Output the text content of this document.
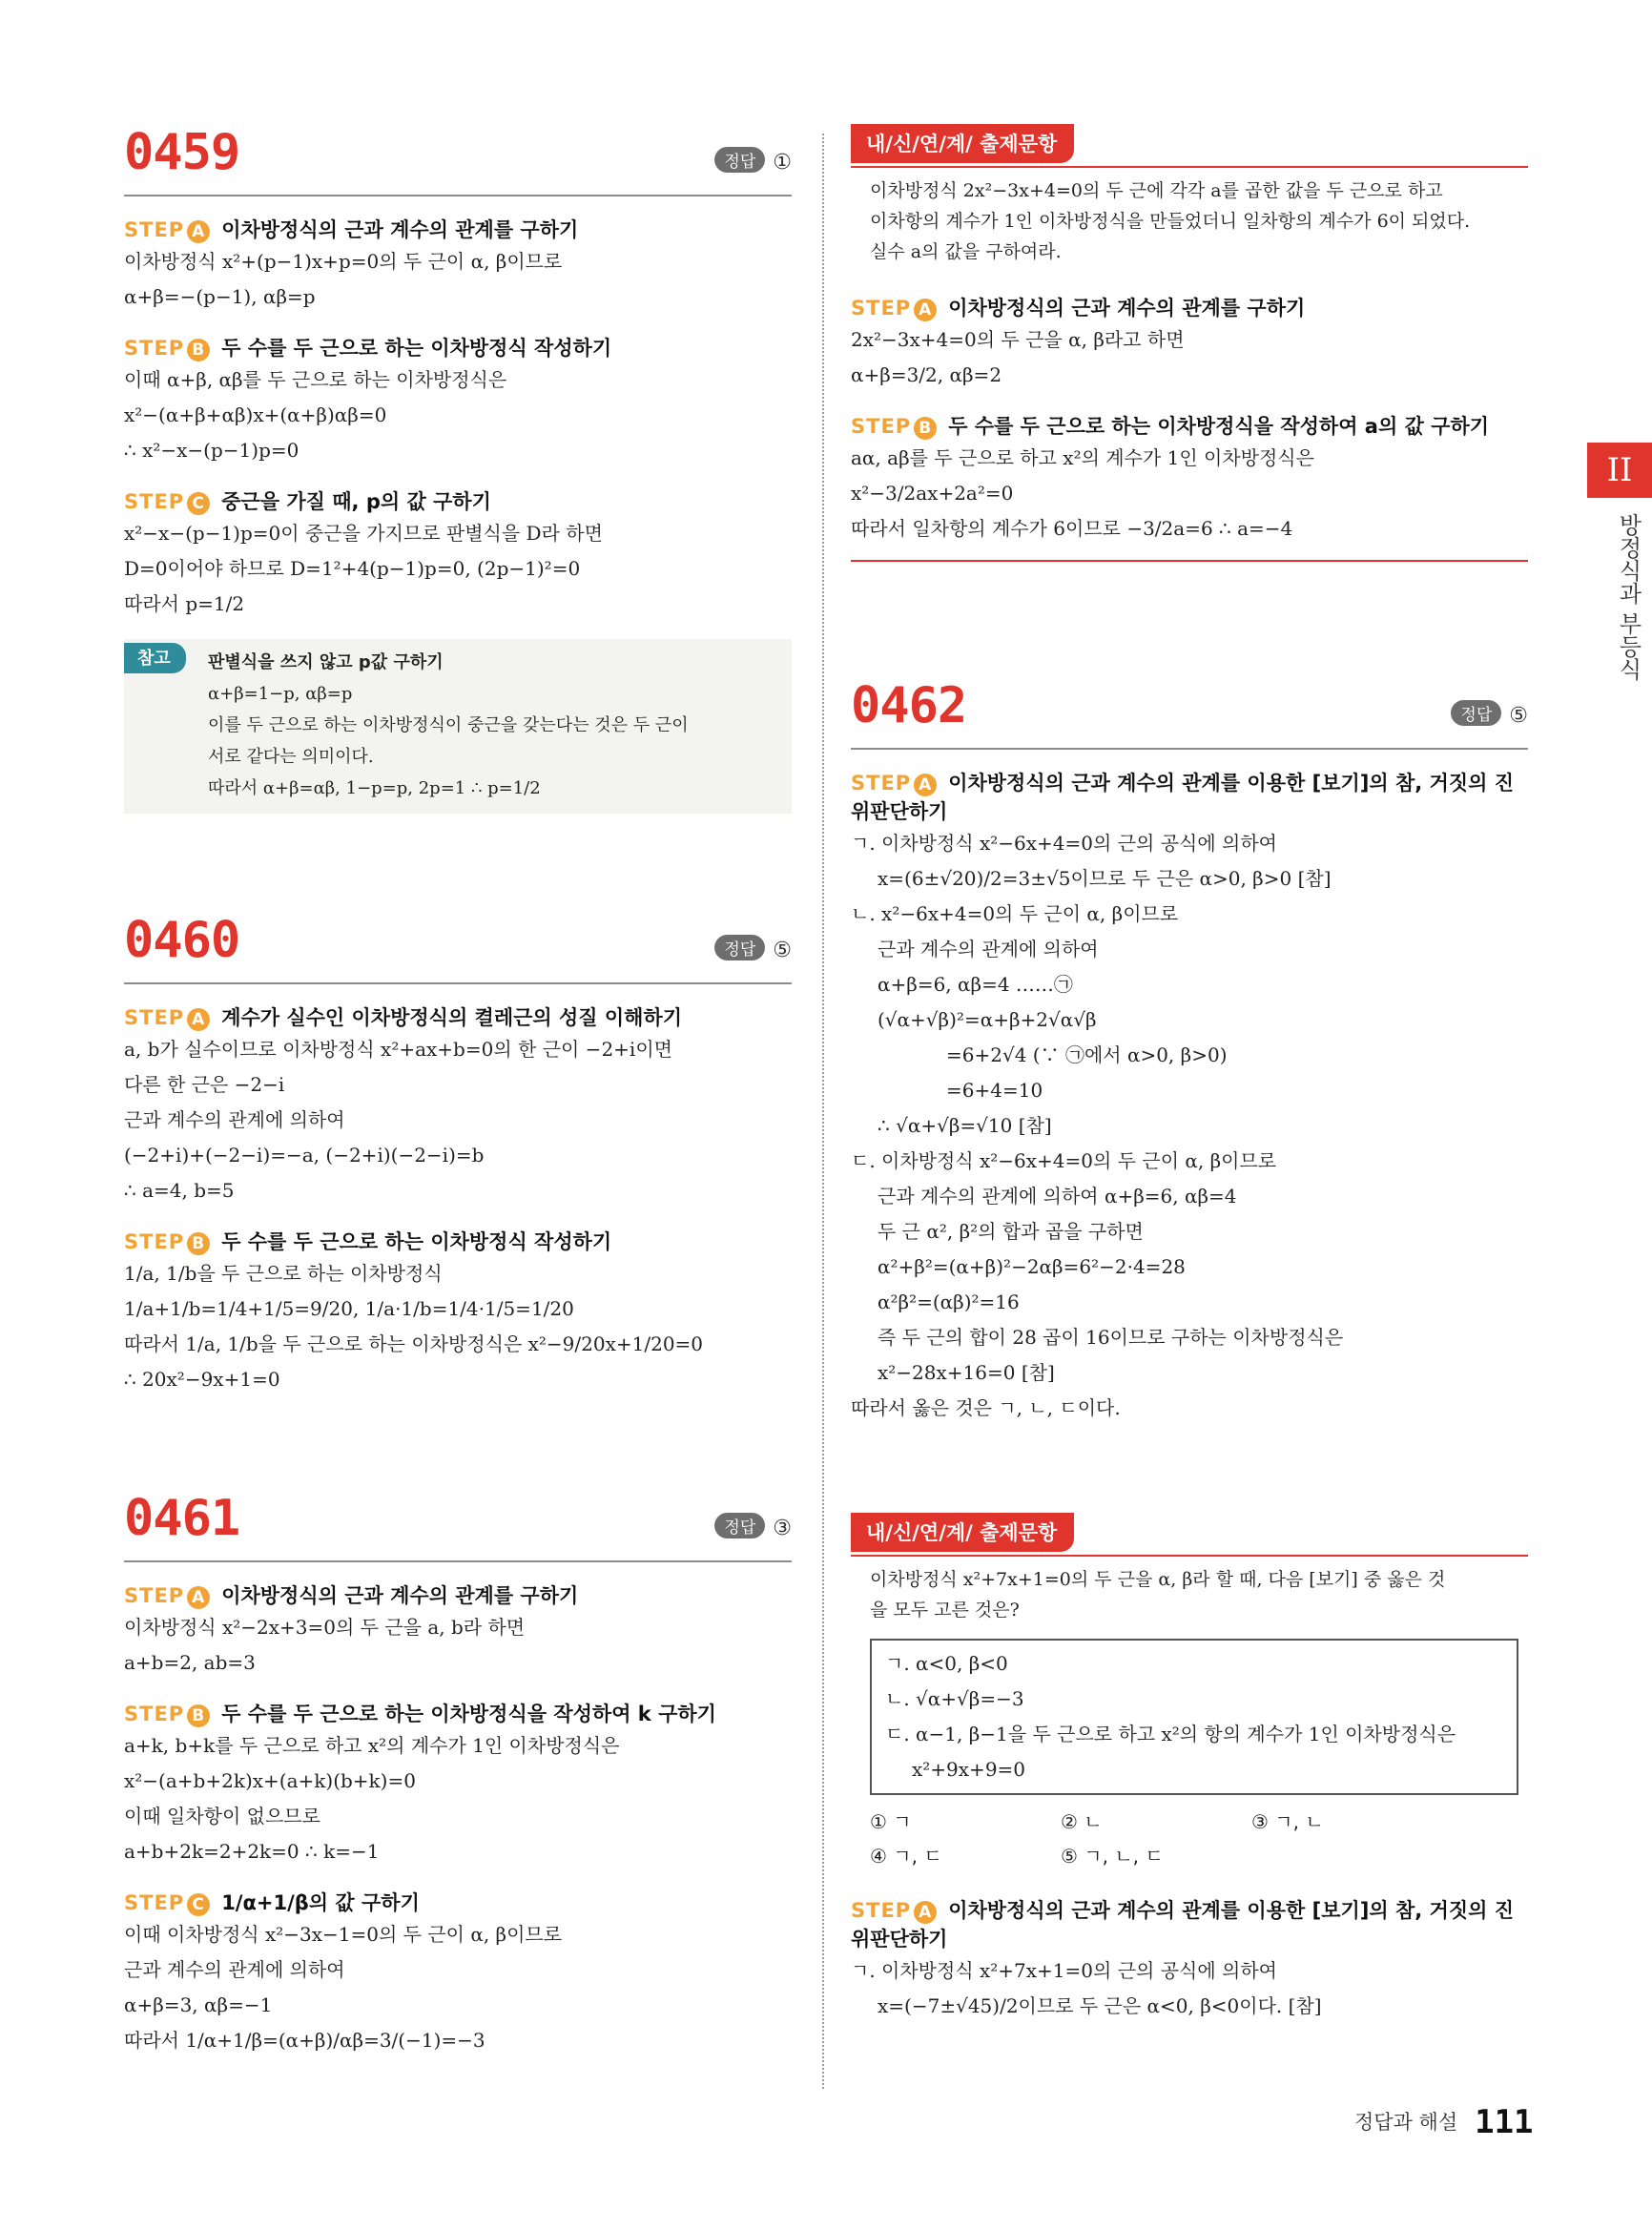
0459	정답 ①
STEP A 이차방정식의 근과 계수의 관계를 구하기
이차방정식 x²+(p−1)x+p=0의 두 근이 α, β이므로
α+β=−(p−1), αβ=p
STEP B 두 수를 두 근으로 하는 이차방정식 작성하기
이때 α+β, αβ를 두 근으로 하는 이차방정식은
x²−(α+β+αβ)x+(α+β)αβ=0
∴ x²−x−(p−1)p=0
STEP C 중근을 가질 때, p의 값 구하기
x²−x−(p−1)p=0이 중근을 가지므로 판별식을 D라 하면
D=0이어야 하므로 D=1²+4(p−1)p=0, (2p−1)²=0
따라서 p=1/2
참고	판별식을 쓰지 않고 p값 구하기
α+β=1−p, αβ=p
이를 두 근으로 하는 이차방정식이 중근을 갖는다는 것은 두 근이
서로 같다는 의미이다.
따라서 α+β=αβ, 1−p=p, 2p=1 ∴ p=1/2
0460	정답 ⑤
STEP A 계수가 실수인 이차방정식의 켤레근의 성질 이해하기
a, b가 실수이므로 이차방정식 x²+ax+b=0의 한 근이 −2+i이면
다른 한 근은 −2−i
근과 계수의 관계에 의하여
(−2+i)+(−2−i)=−a, (−2+i)(−2−i)=b
∴ a=4, b=5
STEP B 두 수를 두 근으로 하는 이차방정식 작성하기
1/a, 1/b을 두 근으로 하는 이차방정식
1/a+1/b=1/4+1/5=9/20, 1/a·1/b=1/4·1/5=1/20
따라서 1/a, 1/b을 두 근으로 하는 이차방정식은 x²−9/20x+1/20=0
∴ 20x²−9x+1=0
0461	정답 ③
STEP A 이차방정식의 근과 계수의 관계를 구하기
이차방정식 x²−2x+3=0의 두 근을 a, b라 하면
a+b=2, ab=3
STEP B 두 수를 두 근으로 하는 이차방정식을 작성하여 k 구하기
a+k, b+k를 두 근으로 하고 x²의 계수가 1인 이차방정식은
x²−(a+b+2k)x+(a+k)(b+k)=0
이때 일차항이 없으므로
a+b+2k=2+2k=0 ∴ k=−1
STEP C 1/α+1/β의 값 구하기
이때 이차방정식 x²−3x−1=0의 두 근이 α, β이므로
근과 계수의 관계에 의하여
α+β=3, αβ=−1
따라서 1/α+1/β=(α+β)/αβ=3/(−1)=−3
내/신/연/계/ 출제문항
이차방정식 2x²−3x+4=0의 두 근에 각각 a를 곱한 값을 두 근으로 하고
이차항의 계수가 1인 이차방정식을 만들었더니 일차항의 계수가 6이 되었다.
실수 a의 값을 구하여라.
STEP A 이차방정식의 근과 계수의 관계를 구하기
2x²−3x+4=0의 두 근을 α, β라고 하면
α+β=3/2, αβ=2
STEP B 두 수를 두 근으로 하는 이차방정식을 작성하여 a의 값 구하기
aα, aβ를 두 근으로 하고 x²의 계수가 1인 이차방정식은
x²−3/2ax+2a²=0
따라서 일차항의 계수가 6이므로 −3/2a=6 ∴ a=−4
0462	정답 ⑤
STEP A 이차방정식의 근과 계수의 관계를 이용한 [보기]의 참, 거짓의 진위판단하기
ㄱ. 이차방정식 x²−6x+4=0의 근의 공식에 의하여
x=(6±√20)/2=3±√5이므로 두 근은 α>0, β>0 [참]
ㄴ. x²−6x+4=0의 두 근이 α, β이므로
근과 계수의 관계에 의하여
α+β=6, αβ=4 ……㉠
(√α+√β)²=α+β+2√α√β
=6+2√4 (∵ ㉠에서 α>0, β>0)
=6+4=10
∴ √α+√β=√10 [참]
ㄷ. 이차방정식 x²−6x+4=0의 두 근이 α, β이므로
근과 계수의 관계에 의하여 α+β=6, αβ=4
두 근 α², β²의 합과 곱을 구하면
α²+β²=(α+β)²−2αβ=6²−2·4=28
α²β²=(αβ)²=16
즉 두 근의 합이 28 곱이 16이므로 구하는 이차방정식은
x²−28x+16=0 [참]
따라서 옳은 것은 ㄱ, ㄴ, ㄷ이다.
내/신/연/계/ 출제문항
이차방정식 x²+7x+1=0의 두 근을 α, β라 할 때, 다음 [보기] 중 옳은 것
을 모두 고른 것은?
ㄱ. α<0, β<0
ㄴ. √α+√β=−3
ㄷ. α−1, β−1을 두 근으로 하고 x²의 항의 계수가 1인 이차방정식은
x²+9x+9=0
① ㄱ	② ㄴ	③ ㄱ, ㄴ
④ ㄱ, ㄷ	⑤ ㄱ, ㄴ, ㄷ
STEP A 이차방정식의 근과 계수의 관계를 이용한 [보기]의 참, 거짓의 진위판단하기
ㄱ. 이차방정식 x²+7x+1=0의 근의 공식에 의하여
x=(−7±√45)/2이므로 두 근은 α<0, β<0이다. [참]
II
방정식과 부등식
정답과 해설 111
